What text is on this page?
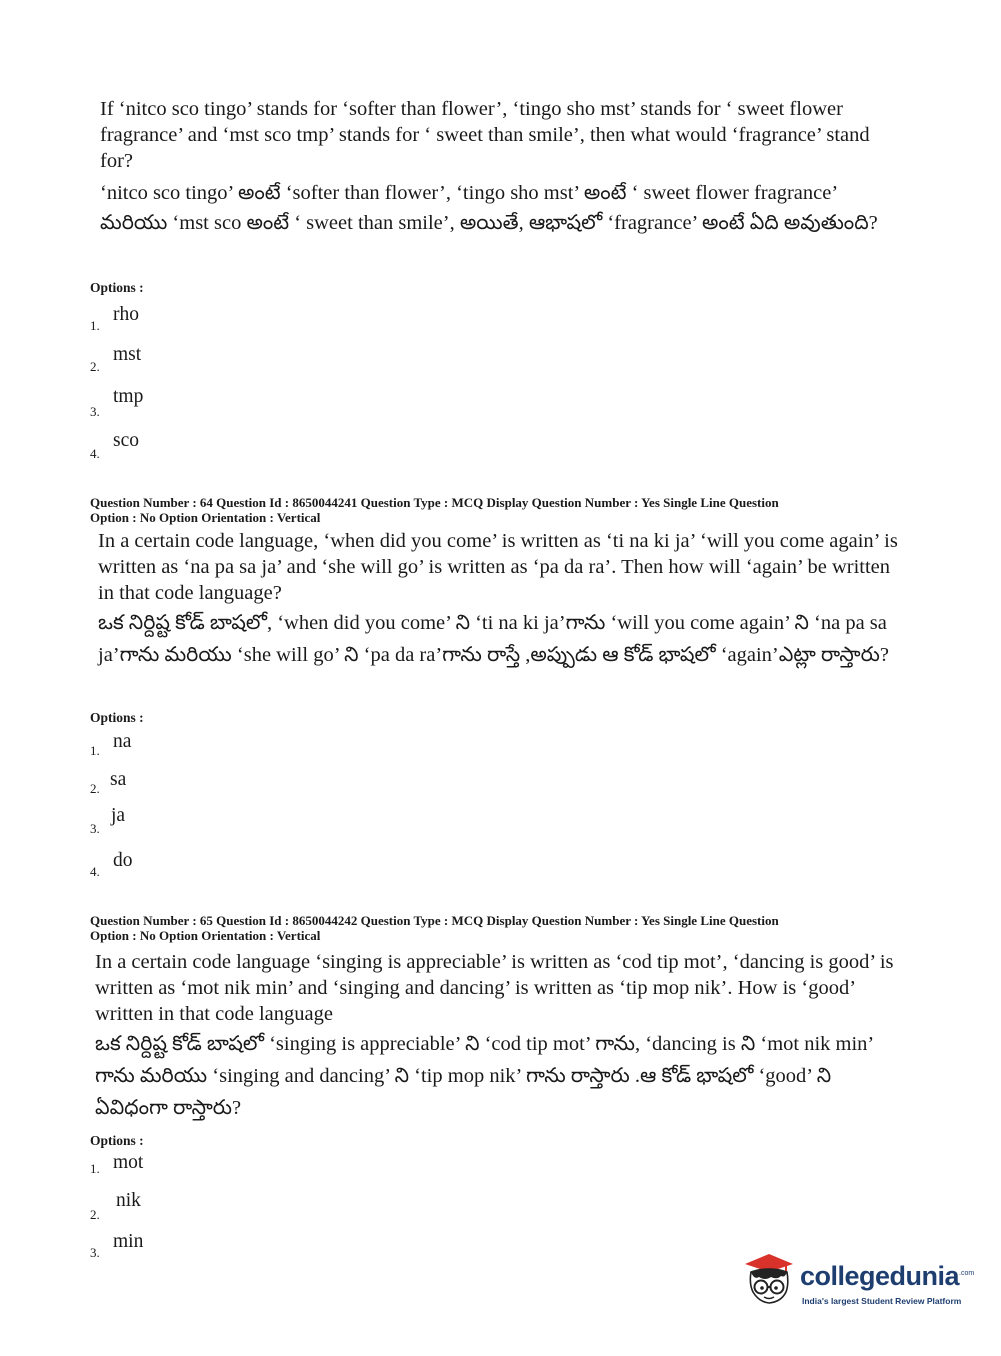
If ‘nitco sco tingo’ stands for ‘softer than flower’, ‘tingo sho mst’ stands for ‘ sweet flower fragrance’ and ‘mst sco tmp’ stands for ‘ sweet than smile’, then what would ‘fragrance’ stand for?

‘nitco sco tingo’ అంటే ‘softer than flower’, ‘tingo sho mst’ అంటే ‘ sweet flower fragrance’ మరియు ‘mst sco అంటే ‘ sweet than smile’, అయితే, ఆభాషలో ‘fragrance’ అంటే ఏది అవుతుంది?

Options :

1.
rho
2.
mst
3.
tmp
4.
sco

Question Number : 64 Question Id : 8650044241 Question Type : MCQ Display Question Number : Yes Single Line Question

Option : No Option Orientation : Vertical

In a certain code language, ‘when did you come’ is written as ‘ti na ki ja’ ‘will you come again’ is written as ‘na pa sa ja’ and ‘she will go’ is written as ‘pa da ra’. Then how will ‘again’ be written in that code language?

ఒక నిర్దిష్ట కోడ్ బాషలో, ‘when did you come’ ని ‘ti na ki ja’గాను ‘will you come again’ ని ‘na pa sa ja’గాను మరియు ‘she will go’ ని ‘pa da ra’గాను రాస్తే ,అప్పుడు ఆ కోడ్ భాషలో ‘again’ఎట్లా రాస్తారు?

Options :

1. na
2. sa
3.
ja
4.
do

Question Number : 65 Question Id : 8650044242 Question Type : MCQ Display Question Number : Yes Single Line Question

Option : No Option Orientation : Vertical

In a certain code language ‘singing is appreciable’ is written as ‘cod tip mot’, ‘dancing is good’ is written as ‘mot nik min’ and ‘singing and dancing’ is written as ‘tip mop nik’. How is ‘good’ written in that code language

ఒక నిర్దిష్ట కోడ్ బాషలో ‘singing is appreciable’ ని ‘cod tip mot’ గాను, ‘dancing is ని ‘mot nik min’ గాను మరియు ‘singing and dancing’ ని ‘tip mop nik’ గాను రాస్తారు .ఆ కోడ్ భాషలో ‘good’ ని ఏవిధంగా రాస్తారు?

Options :

1. mot
2.
nik
3.
min
collegedunia .com
India's largest Student Review Platform
